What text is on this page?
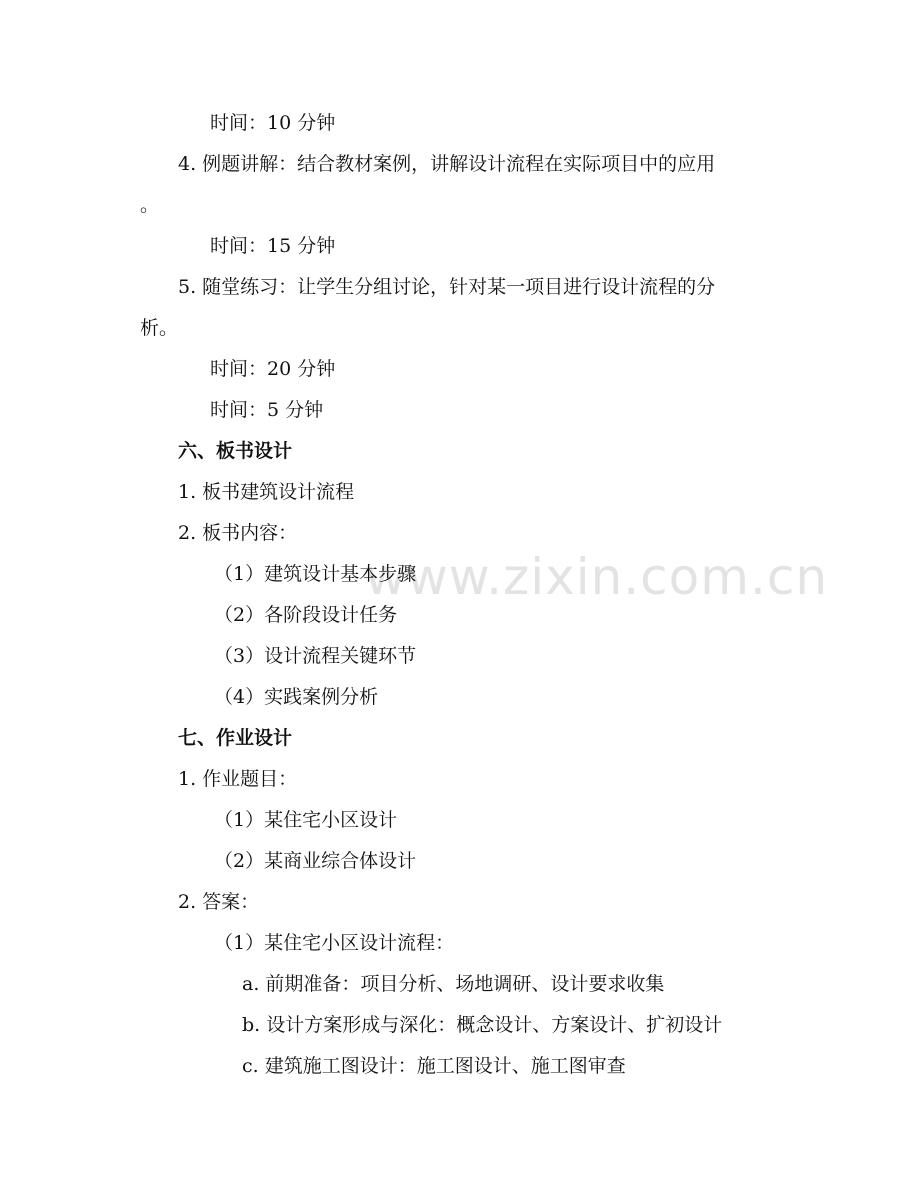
www.zixin.com.cn
时间：10 分钟
4. 例题讲解：结合教材案例，讲解设计流程在实际项目中的应用
。
时间：15 分钟
5. 随堂练习：让学生分组讨论，针对某一项目进行设计流程的分
析。
时间：20 分钟
时间：5 分钟
六、板书设计
1. 板书建筑设计流程
2. 板书内容：
（1）建筑设计基本步骤
（2）各阶段设计任务
（3）设计流程关键环节
（4）实践案例分析
七、作业设计
1. 作业题目：
（1）某住宅小区设计
（2）某商业综合体设计
2. 答案：
（1）某住宅小区设计流程：
a. 前期准备：项目分析、场地调研、设计要求收集
b. 设计方案形成与深化：概念设计、方案设计、扩初设计
c. 建筑施工图设计：施工图设计、施工图审查
